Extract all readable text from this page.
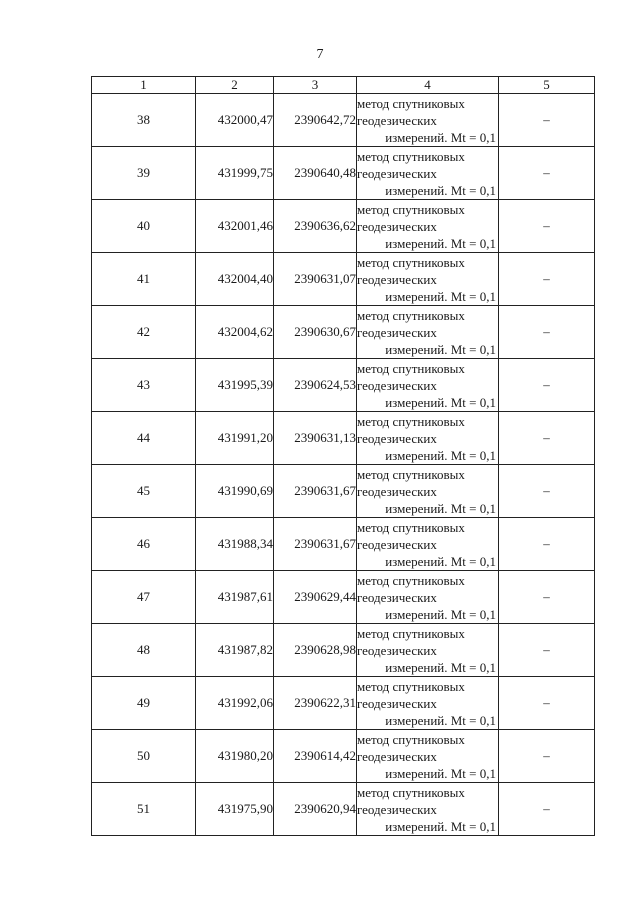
7
1	2	3	4	5
38	432000,47	2390642,72	метод спутниковых
геодезических
измерений. Mt = 0,1	–
39	431999,75	2390640,48	метод спутниковых
геодезических
измерений. Mt = 0,1	–
40	432001,46	2390636,62	метод спутниковых
геодезических
измерений. Mt = 0,1	–
41	432004,40	2390631,07	метод спутниковых
геодезических
измерений. Mt = 0,1	–
42	432004,62	2390630,67	метод спутниковых
геодезических
измерений. Mt = 0,1	–
43	431995,39	2390624,53	метод спутниковых
геодезических
измерений. Mt = 0,1	–
44	431991,20	2390631,13	метод спутниковых
геодезических
измерений. Mt = 0,1	–
45	431990,69	2390631,67	метод спутниковых
геодезических
измерений. Mt = 0,1	–
46	431988,34	2390631,67	метод спутниковых
геодезических
измерений. Mt = 0,1	–
47	431987,61	2390629,44	метод спутниковых
геодезических
измерений. Mt = 0,1	–
48	431987,82	2390628,98	метод спутниковых
геодезических
измерений. Mt = 0,1	–
49	431992,06	2390622,31	метод спутниковых
геодезических
измерений. Mt = 0,1	–
50	431980,20	2390614,42	метод спутниковых
геодезических
измерений. Mt = 0,1	–
51	431975,90	2390620,94	метод спутниковых
геодезических
измерений. Mt = 0,1	–
